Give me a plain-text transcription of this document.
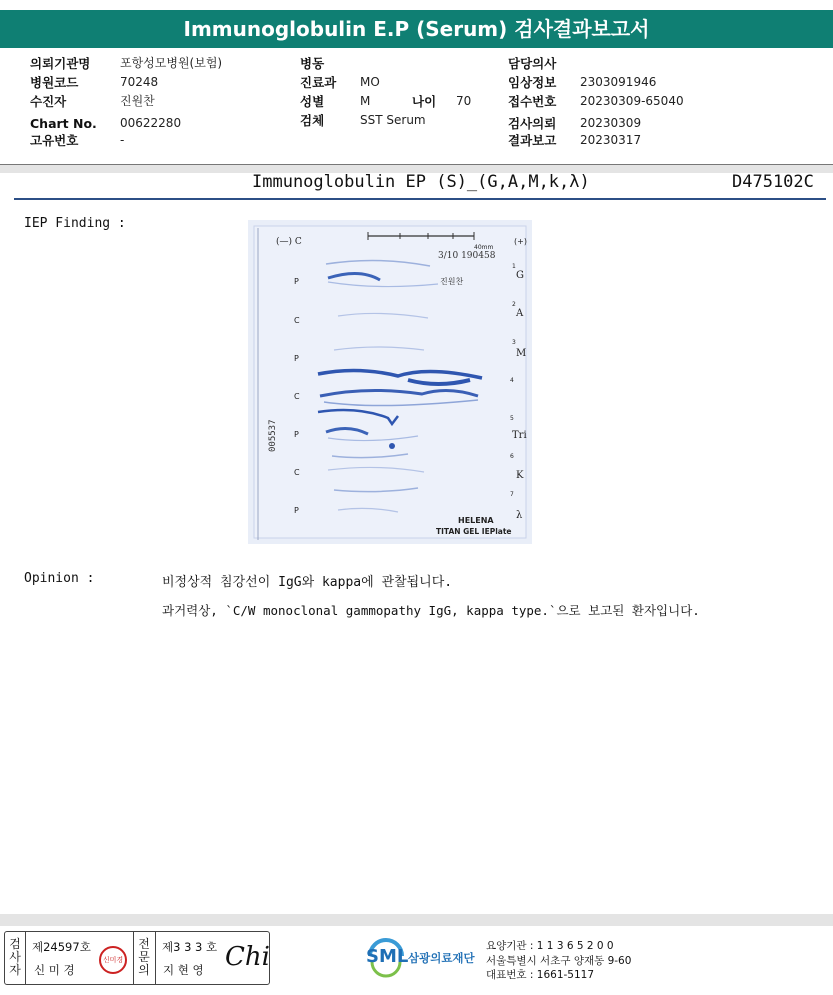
Immunoglobulin E.P (Serum) 검사결과보고서
의뢰기관명 포항성모병원(보험)
병원코드	70248
수진자	진원찬
Chart No. 00622280
고유번호	-
병동
진료과 MO
성별	M	나이 70
검체	SST Serum
담당의사
임상정보 2303091946
접수번호 20230309-65040
검사의뢰 20230309
결과보고 20230317
Immunoglobulin EP (S)_(G,A,M,k,λ)	D475102C
IEP Finding :
(—) C
P
C
P
C
P
C
P
(+)
1
G
2
A
3
M
4
5
Tri
6
K
7
λ
40mm
3/10 190458
진원찬
005537
HELENA
TITAN GEL IEPlate
Opinion :	비정상적 침강선이 IgG와 kappa에 관찰됩니다.
과거력상, `C/W monoclonal gammopathy IgG, kappa type.`으로 보고된 환자입니다.
검사자
제24597호
신 미 경
신미경
전문의
제3 3 3 호
지 현 영 Chi	SML 삼광의료재단
요양기관 : 1 1 3 6 5 2 0 0
서울특별시 서초구 양재동 9-60
대표번호 : 1661-5117
